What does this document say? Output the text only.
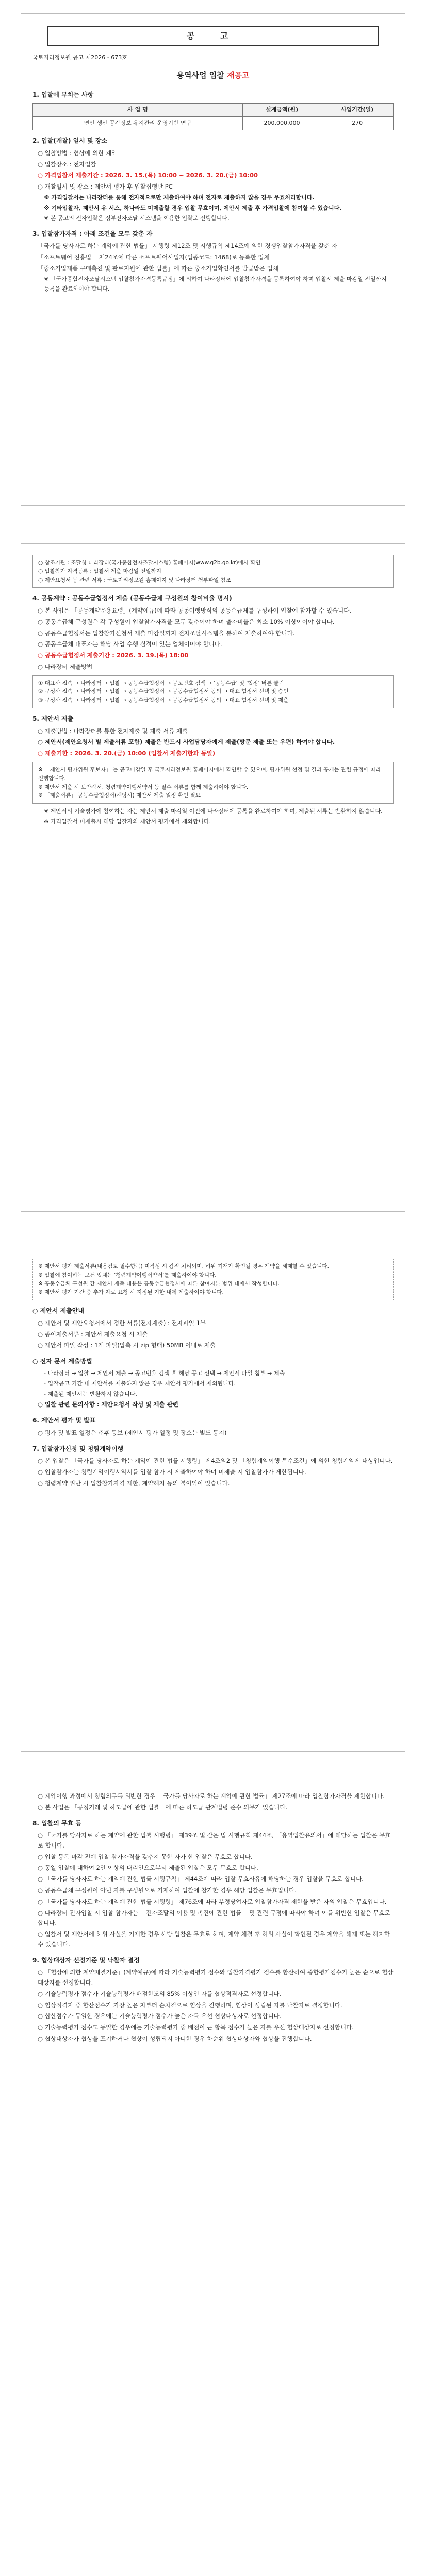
공 고
국토지리정보원 공고 제2026 - 673호
용역사업 입찰 재공고
1. 입찰에 부치는 사항
사 업 명	설계금액(원)	사업기간(일)
연안 생산 공간정보 유지관리 운영기반 연구	200,000,000	270
2. 입찰(개찰) 일시 및 장소
○ 입찰방법 : 협상에 의한 계약
○ 입찰장소 : 전자입찰
○ 가격입찰서 제출기간 : 2026. 3. 15.(목) 10:00 ~ 2026. 3. 20.(금) 10:00
○ 개찰일시 및 장소 : 제안서 평가 후 입찰집행관 PC
※ 가격입찰서는 나라장터를 통해 전자적으로만 제출하여야 하며 전자로 제출하지 않을 경우 무효처리합니다.
※ 기타입찰자, 제안서 유 서스, 하나라도 미제출할 경우 입찰 무효이며, 제안서 제출 후 가격입찰에 참여할 수 있습니다.
※ 본 공고의 전자입찰은 정부전자조달 시스템을 이용한 입찰로 진행합니다.
3. 입찰참가자격 : 아래 조건을 모두 갖춘 자
「국가를 당사자로 하는 계약에 관한 법률」 시행령 제12조 및 시행규칙 제14조에 의한 경쟁입찰참가자격을 갖춘 자
「소프트웨어 진흥법」 제24조에 따른 소프트웨어사업자(업종코드: 1468)로 등록한 업체
「중소기업제품 구매촉진 및 판로지원에 관한 법률」에 따른 중소기업확인서를 발급받은 업체
※ 「국가종합전자조달시스템 입찰참가자격등록규정」에 의하여 나라장터에 입찰참가자격을 등록하여야 하며 입찰서 제출 마감일 전일까지 등록을 완료하여야 합니다.
○ 참조기관 : 조달청 나라장터(국가종합전자조달시스템) 홈페이지(www.g2b.go.kr)에서 확인
○ 입찰참가 자격등록 : 입찰서 제출 마감일 전일까지
○ 제안요청서 등 관련 서류 : 국토지리정보원 홈페이지 및 나라장터 첨부파일 참조
4. 공동계약 : 공동수급협정서 제출 (공동수급체 구성원의 참여비율 명시)
○ 본 사업은 「공동계약운용요령」(계약예규)에 따라 공동이행방식의 공동수급체를 구성하여 입찰에 참가할 수 있습니다.
○ 공동수급체 구성원은 각 구성원이 입찰참가자격을 모두 갖추어야 하며 출자비율은 최소 10% 이상이어야 합니다.
○ 공동수급협정서는 입찰참가신청서 제출 마감일까지 전자조달시스템을 통하여 제출하여야 합니다.
○ 공동수급체 대표자는 해당 사업 수행 실적이 있는 업체이어야 합니다.
○ 공동수급협정서 제출기간 : 2026. 3. 19.(목) 18:00
○ 나라장터 제출방법
① 대표사 접속 → 나라장터 → 입찰 → 공동수급협정서 → 공고번호 검색 → '공동수급' 및 '협정' 버튼 클릭
② 구성사 접속 → 나라장터 → 입찰 → 공동수급협정서 → 공동수급협정서 동의 → 대표 협정서 선택 및 승인
③ 구성사 접속 → 나라장터 → 입찰 → 공동수급협정서 → 공동수급협정서 동의 → 대표 협정서 선택 및 제출
5. 제안서 제출
○ 제출방법 : 나라장터를 통한 전자제출 및 제출 서류 제출
○ 제안서(제안요청서 별 제출서류 포함) 제출은 반드시 사업담당자에게 제출(방문 제출 또는 우편) 하여야 합니다.
○ 제출기한 : 2026. 3. 20.(금) 10:00 (입찰서 제출기한과 동일)
※ 「제안서 평가위원 후보자」 는 공고마감일 후 국토지리정보원 홈페이지에서 확인할 수 있으며, 평가위원 선정 및 결과 공개는 관련 규정에 따라 진행합니다.
※ 제안서 제출 시 보안각서, 청렴계약이행서약서 등 필수 서류를 함께 제출하여야 합니다.
※ 「제출서류」 공동수급협정서(해당시) 제안서 제출 일정 확인 필요
※ 제안서의 기술평가에 참여하는 자는 제안서 제출 마감일 이전에 나라장터에 등록을 완료하여야 하며, 제출된 서류는 반환하지 않습니다.
※ 가격입찰서 미제출시 해당 입찰자의 제안서 평가에서 제외합니다.
※ 제안서 평가 제출서류(내용검토 필수항목) 미작성 시 감점 처리되며, 허위 기재가 확인될 경우 계약을 해제할 수 있습니다.
※ 입찰에 참여하는 모든 업체는 '청렴계약이행서약서'를 제출하여야 합니다.
※ 공동수급체 구성원 간 제안서 제출 내용은 공동수급협정서에 따른 참여지분 범위 내에서 작성합니다.
※ 제안서 평가 기간 중 추가 자료 요청 시 지정된 기한 내에 제출하여야 합니다.
○ 제안서 제출안내
○ 제안서 및 제안요청서에서 정한 서류(전자제출) : 전자파일 1부
○ 종이제출서류 : 제안서 제출요청 시 제출
○ 제안서 파일 작성 : 1개 파일(압축 시 zip 형태) 50MB 이내로 제출
○ 전자 문서 제출방법
- 나라장터 → 입찰 → 제안서 제출 → 공고번호 검색 후 해당 공고 선택 → 제안서 파일 첨부 → 제출
- 입찰공고 기간 내 제안서를 제출하지 않은 경우 제안서 평가에서 제외됩니다.
- 제출된 제안서는 반환하지 않습니다.
○ 입찰 관련 문의사항 : 제안요청서 작성 및 제출 관련
6. 제안서 평가 및 발표
○ 평가 및 발표 일정은 추후 통보 (제안서 평가 일정 및 장소는 별도 통지)
7. 입찰참가신청 및 청렴계약이행
○ 본 입찰은 「국가를 당사자로 하는 계약에 관한 법률 시행령」 제4조의2 및 「청렴계약이행 특수조건」에 의한 청렴계약제 대상입니다.
○ 입찰참가자는 청렴계약이행서약서를 입찰 참가 시 제출하여야 하며 미제출 시 입찰참가가 제한됩니다.
○ 청렴계약 위반 시 입찰참가자격 제한, 계약해지 등의 불이익이 있습니다.
○ 계약이행 과정에서 청렴의무를 위반한 경우 「국가를 당사자로 하는 계약에 관한 법률」 제27조에 따라 입찰참가자격을 제한합니다.
○ 본 사업은 「공정거래 및 하도급에 관한 법률」에 따른 하도급 관계법령 준수 의무가 있습니다.
8. 입찰의 무효 등
○ 「국가를 당사자로 하는 계약에 관한 법률 시행령」 제39조 및 같은 법 시행규칙 제44조, 「용역입찰유의서」에 해당하는 입찰은 무효로 합니다.
○ 입찰 등록 마감 전에 입찰 참가자격을 갖추지 못한 자가 한 입찰은 무효로 합니다.
○ 동일 입찰에 대하여 2인 이상의 대리인으로부터 제출된 입찰은 모두 무효로 합니다.
○ 「국가를 당사자로 하는 계약에 관한 법률 시행규칙」 제44조에 따라 입찰 무효사유에 해당하는 경우 입찰을 무효로 합니다.
○ 공동수급체 구성원이 아닌 자를 구성원으로 기재하여 입찰에 참가한 경우 해당 입찰은 무효입니다.
○ 「국가를 당사자로 하는 계약에 관한 법률 시행령」 제76조에 따라 부정당업자로 입찰참가자격 제한을 받은 자의 입찰은 무효입니다.
○ 나라장터 전자입찰 시 입찰 참가자는 「전자조달의 이용 및 촉진에 관한 법률」 및 관련 규정에 따라야 하며 이를 위반한 입찰은 무효로 합니다.
○ 입찰서 및 제안서에 허위 사실을 기재한 경우 해당 입찰은 무효로 하며, 계약 체결 후 허위 사실이 확인된 경우 계약을 해제 또는 해지할 수 있습니다.
9. 협상대상자 선정기준 및 낙찰자 결정
○ 「협상에 의한 계약체결기준」(계약예규)에 따라 기술능력평가 점수와 입찰가격평가 점수를 합산하여 종합평가점수가 높은 순으로 협상대상자를 선정합니다.
○ 기술능력평가 점수가 기술능력평가 배점한도의 85% 이상인 자를 협상적격자로 선정합니다.
○ 협상적격자 중 합산점수가 가장 높은 자부터 순차적으로 협상을 진행하며, 협상이 성립된 자를 낙찰자로 결정합니다.
○ 합산점수가 동일한 경우에는 기술능력평가 점수가 높은 자를 우선 협상대상자로 선정합니다.
○ 기술능력평가 점수도 동일한 경우에는 기술능력평가 중 배점이 큰 항목 점수가 높은 자를 우선 협상대상자로 선정합니다.
○ 협상대상자가 협상을 포기하거나 협상이 성립되지 아니한 경우 차순위 협상대상자와 협상을 진행합니다.
